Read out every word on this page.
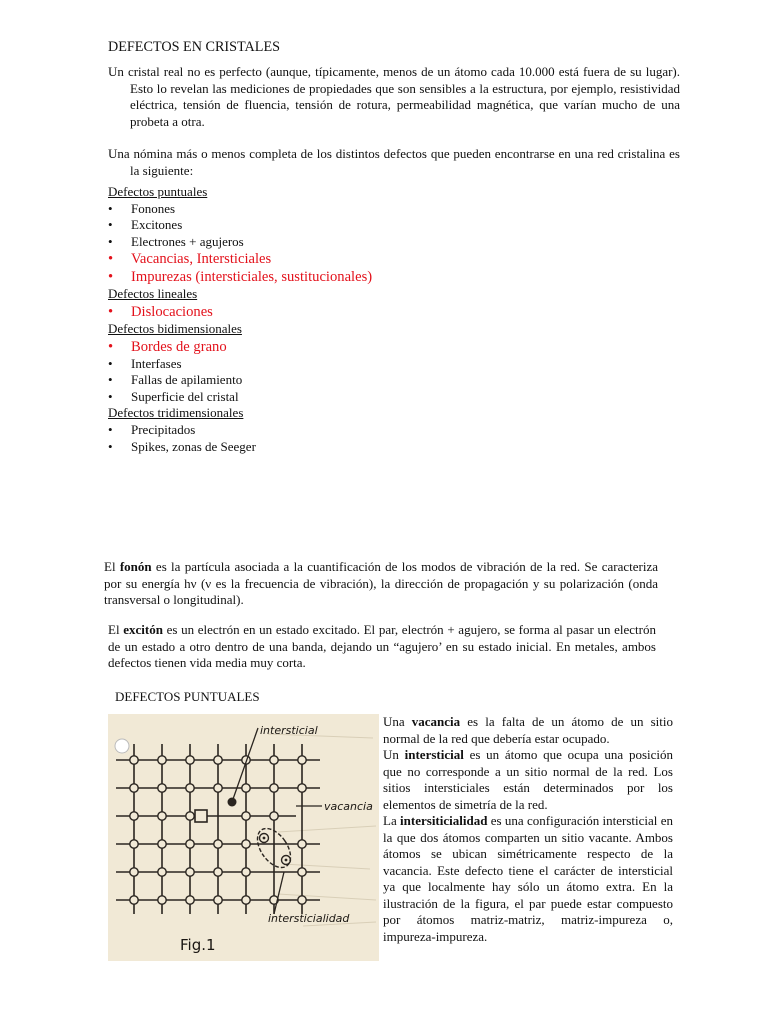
DEFECTOS EN CRISTALES
Un cristal real no es perfecto (aunque, típicamente, menos de un átomo cada 10.000 está fuera de su lugar). Esto lo revelan las mediciones de propiedades que son sensibles a la estructura, por ejemplo, resistividad eléctrica, tensión de fluencia, tensión de rotura, permeabilidad magnética, que varían mucho de una probeta a otra.
Una nómina más o menos completa de los distintos defectos que pueden encontrarse en una red cristalina es la siguiente:
Defectos puntuales
• Fonones
• Excitones
• Electrones + agujeros
• Vacancias, Intersticiales
• Impurezas (intersticiales, sustitucionales)
Defectos lineales
• Dislocaciones
Defectos bidimensionales
• Bordes de grano
• Interfases
• Fallas de apilamiento
• Superficie del cristal
Defectos tridimensionales
• Precipitados
• Spikes, zonas de Seeger
El fonón es la partícula asociada a la cuantificación de los modos de vibración de la red. Se caracteriza por su energía hν (ν es la frecuencia de vibración), la dirección de propagación y su polarización (onda transversal o longitudinal).
El excitón es un electrón en un estado excitado. El par, electrón + agujero, se forma al pasar un electrón de un estado a otro dentro de una banda, dejando un “agujero’ en su estado inicial. En metales, ambos defectos tienen vida media muy corta.
DEFECTOS PUNTUALES
intersticial
vacancia
intersticialidad
Fig.1
Una vacancia es la falta de un átomo de un sitio normal de la red que debería estar ocupado.
Un intersticial es un átomo que ocupa una posición que no corresponde a un sitio normal de la red. Los sitios intersticiales están determinados por los elementos de simetría de la red.
La intersiticialidad es una configuración intersticial en la que dos átomos comparten un sitio vacante. Ambos átomos se ubican simétricamente respecto de la vacancia. Este defecto tiene el carácter de intersticial ya que localmente hay sólo un átomo extra. En la ilustración de la figura, el par puede estar compuesto por átomos matriz-matriz, matriz-impureza o, impureza-impureza.
